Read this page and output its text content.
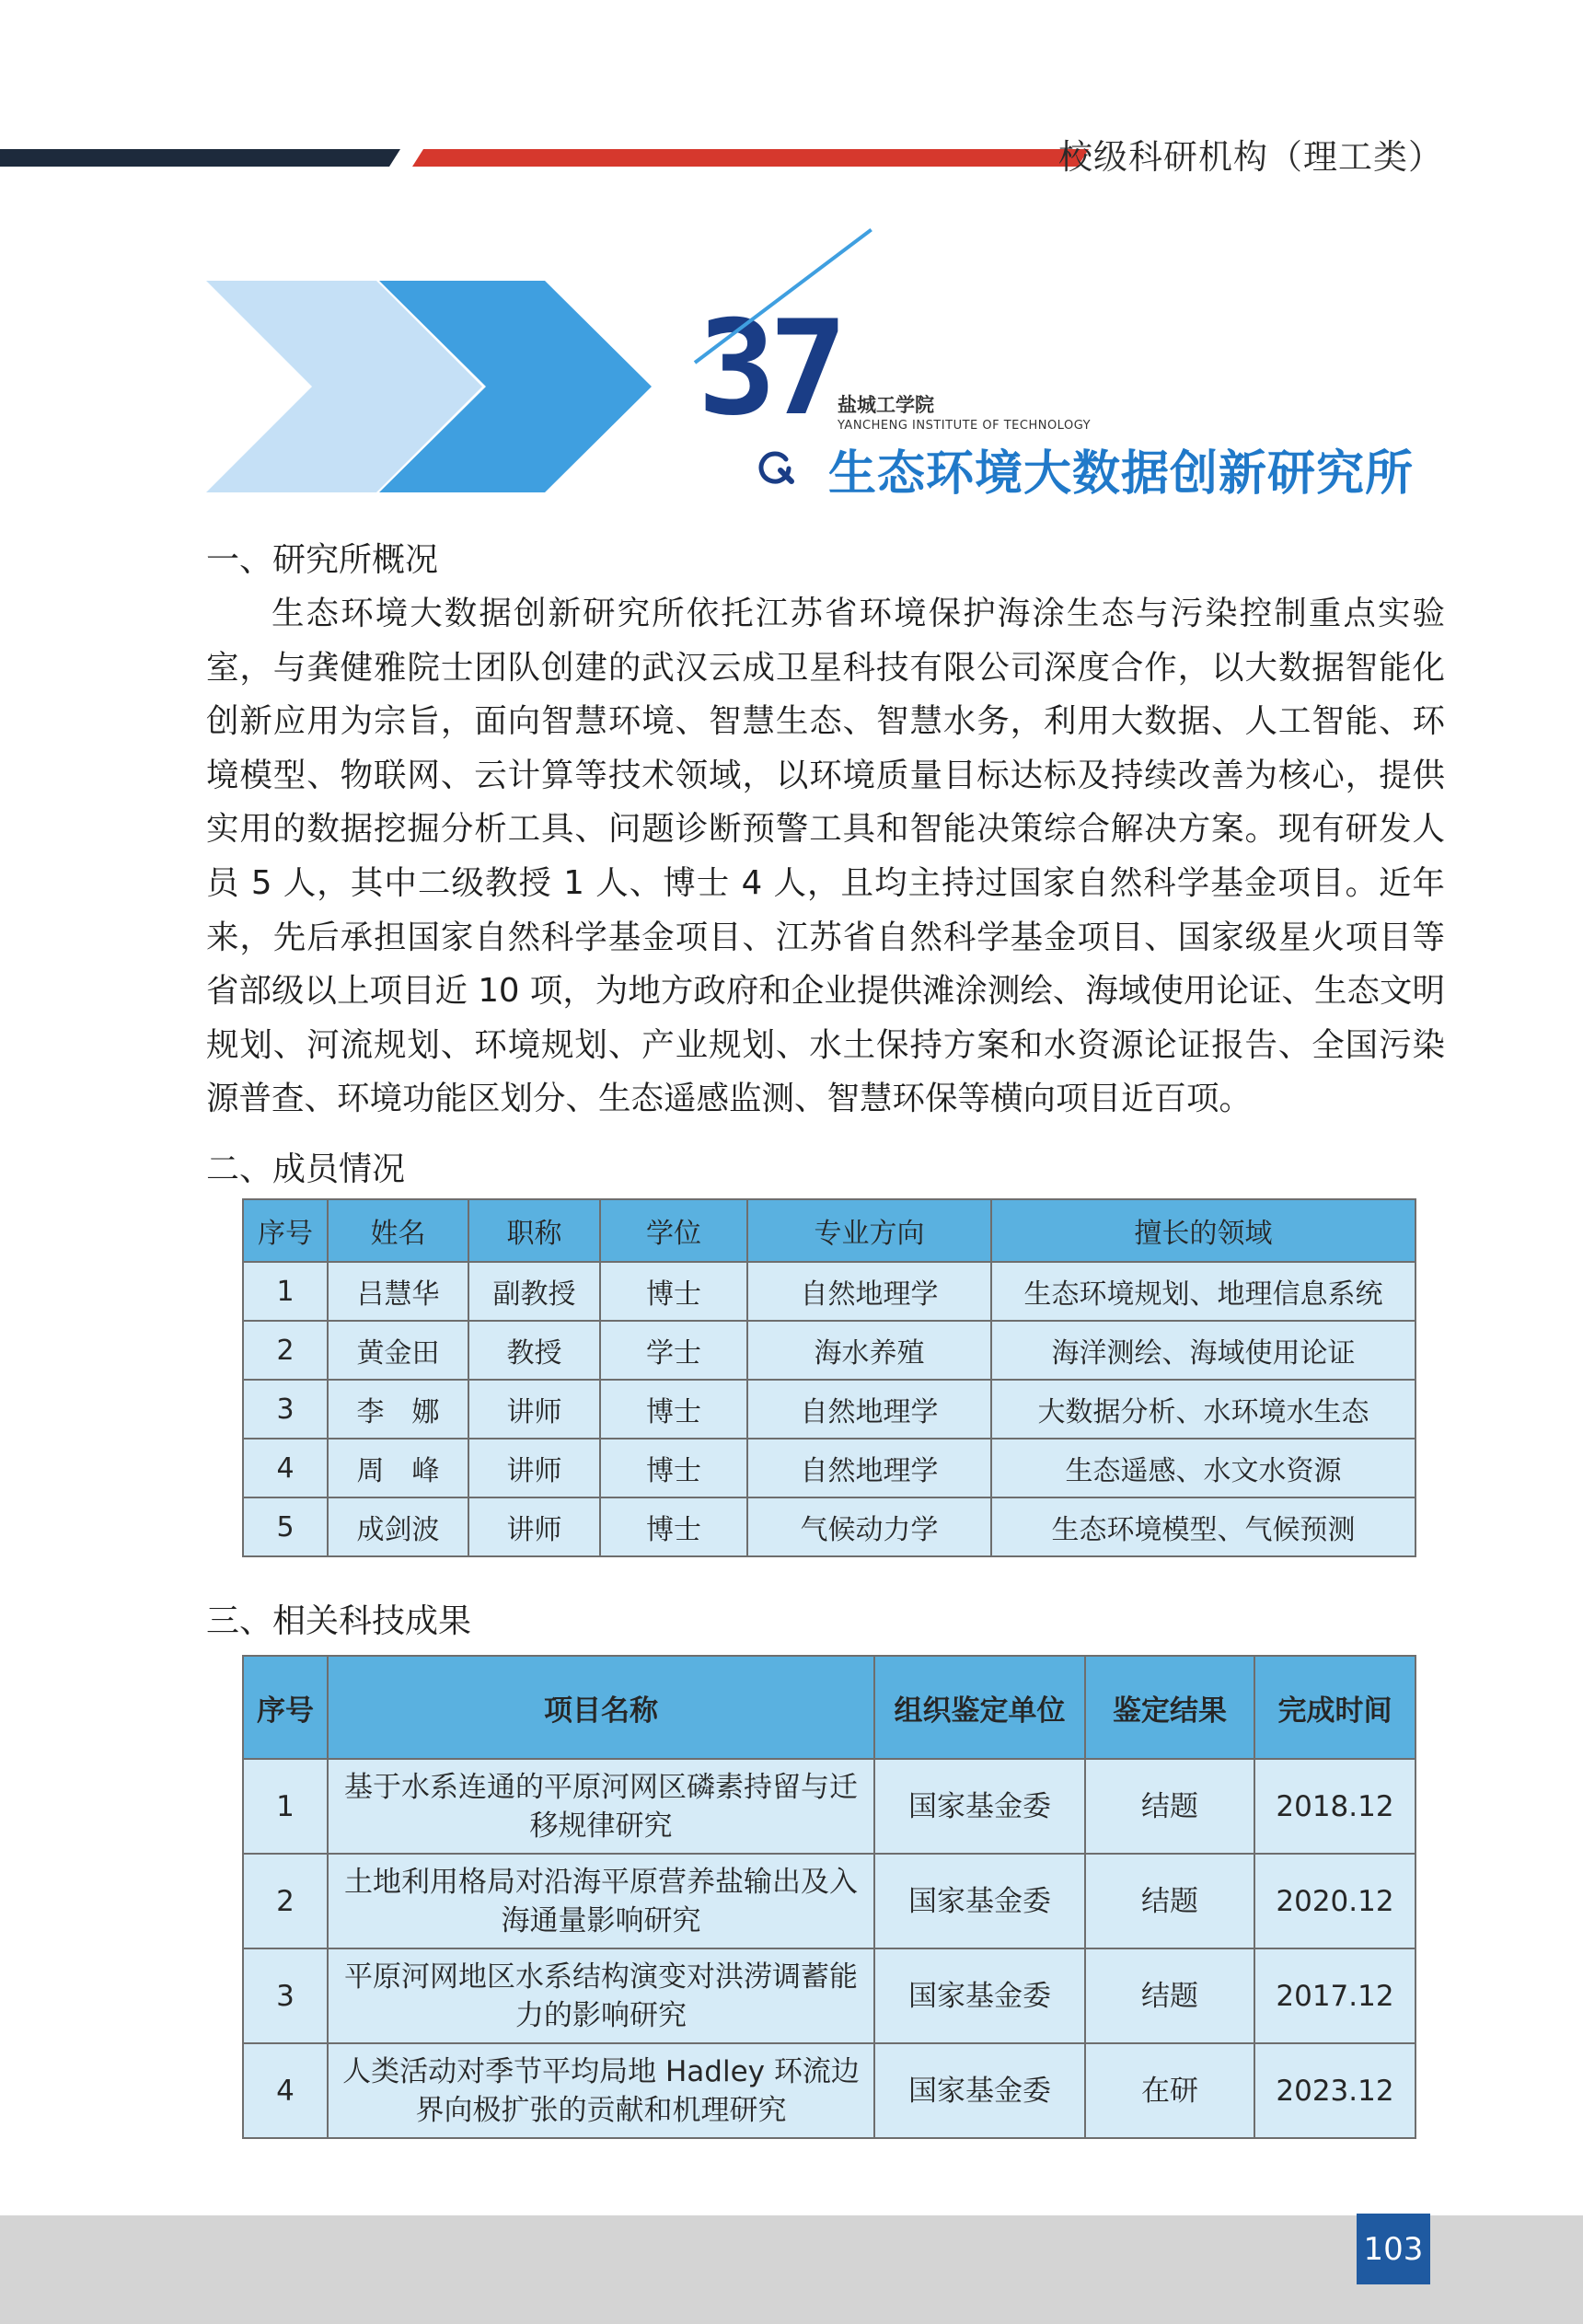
校级科研机构（理工类）
37
盐城工学院
YANCHENG INSTITUTE OF TECHNOLOGY
生态环境大数据创新研究所
一、研究所概况

生态环境大数据创新研究所依托江苏省环境保护海涂生态与污染控制重点实验室，与龚健雅院士团队创建的武汉云成卫星科技有限公司深度合作，以大数据智能化创新应用为宗旨，面向智慧环境、智慧生态、智慧水务，利用大数据、人工智能、环境模型、物联网、云计算等技术领域，以环境质量目标达标及持续改善为核心，提供实用的数据挖掘分析工具、问题诊断预警工具和智能决策综合解决方案。现有研发人员 5 人，其中二级教授 1 人、博士 4 人，且均主持过国家自然科学基金项目。近年来，先后承担国家自然科学基金项目、江苏省自然科学基金项目、国家级星火项目等省部级以上项目近 10 项，为地方政府和企业提供滩涂测绘、海域使用论证、生态文明规划、河流规划、环境规划、产业规划、水土保持方案和水资源论证报告、全国污染源普查、环境功能区划分、生态遥感监测、智慧环保等横向项目近百项。

二、成员情况
序号	姓名	职称	学位	专业方向	擅长的领域
1	吕慧华	副教授	博士	自然地理学	生态环境规划、地理信息系统
2	黄金田	教授	学士	海水养殖	海洋测绘、海域使用论证
3	李　娜	讲师	博士	自然地理学	大数据分析、水环境水生态
4	周　峰	讲师	博士	自然地理学	生态遥感、水文水资源
5	成剑波	讲师	博士	气候动力学	生态环境模型、气候预测
三、相关科技成果
序号	项目名称	组织鉴定单位	鉴定结果	完成时间
1	基于水系连通的平原河网区磷素持留与迁移规律研究	国家基金委	结题	2018.12
2	土地利用格局对沿海平原营养盐输出及入海通量影响研究	国家基金委	结题	2020.12
3	平原河网地区水系结构演变对洪涝调蓄能力的影响研究	国家基金委	结题	2017.12
4	人类活动对季节平均局地 Hadley 环流边界向极扩张的贡献和机理研究	国家基金委	在研	2023.12
103
